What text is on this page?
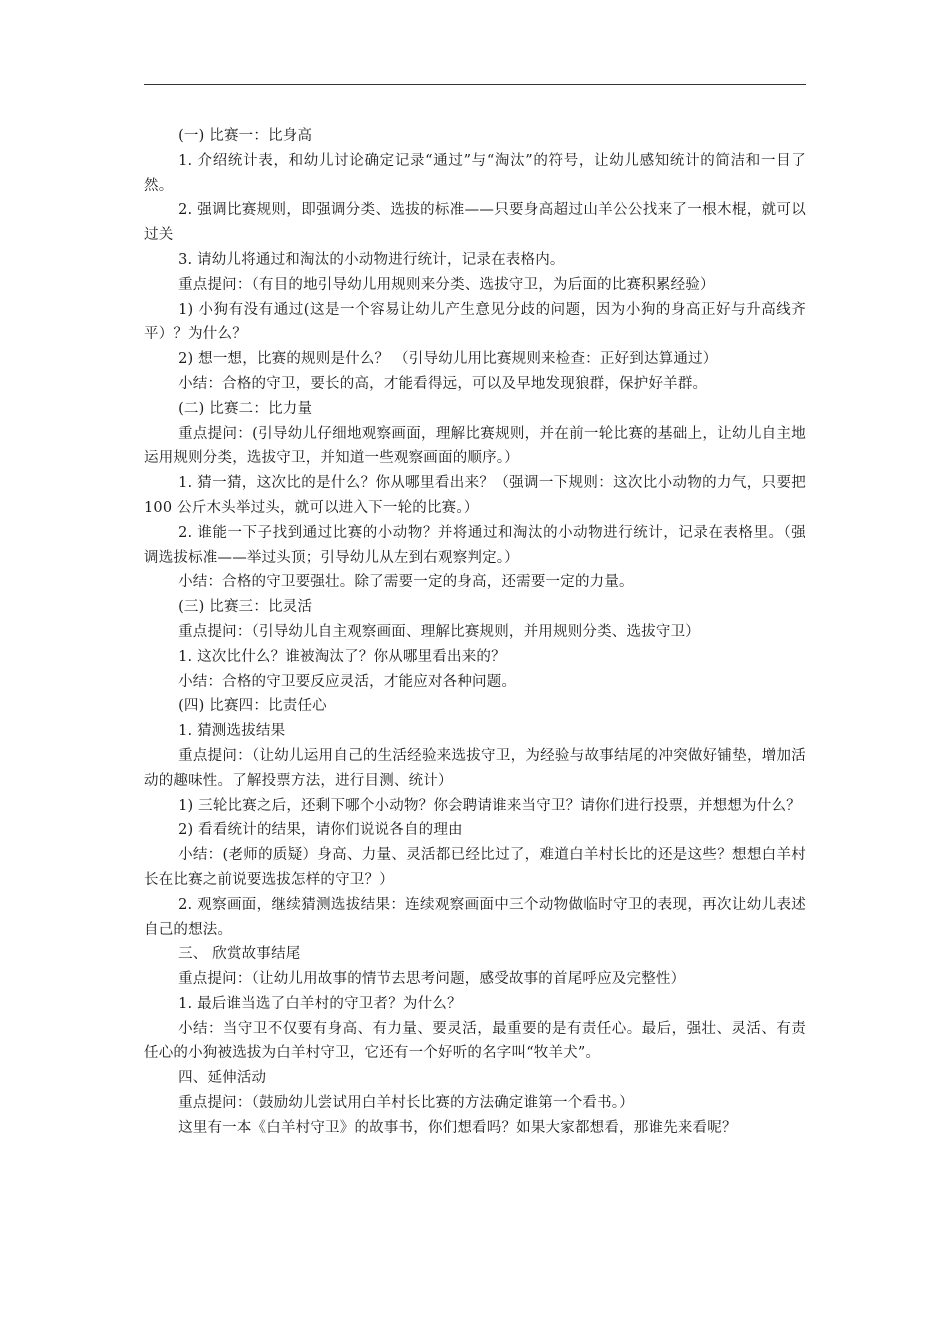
(一) 比赛一：比身高

1. 介绍统计表，和幼儿讨论确定记录“通过”与“淘汰”的符号，让幼儿感知统计的简洁和一目了然。

2. 强调比赛规则，即强调分类、选拔的标准——只要身高超过山羊公公找来了一根木棍，就可以过关

3. 请幼儿将通过和淘汰的小动物进行统计，记录在表格内。

重点提问：（有目的地引导幼儿用规则来分类、选拔守卫，为后面的比赛积累经验）

1) 小狗有没有通过(这是一个容易让幼儿产生意见分歧的问题，因为小狗的身高正好与升高线齐平）？为什么？

2) 想一想，比赛的规则是什么？ （引导幼儿用比赛规则来检查：正好到达算通过）

小结：合格的守卫，要长的高，才能看得远，可以及早地发现狼群，保护好羊群。

(二) 比赛二：比力量

重点提问：(引导幼儿仔细地观察画面，理解比赛规则，并在前一轮比赛的基础上，让幼儿自主地运用规则分类，选拔守卫，并知道一些观察画面的顺序。）

1. 猜一猜，这次比的是什么？你从哪里看出来？（强调一下规则：这次比小动物的力气，只要把 100 公斤木头举过头，就可以进入下一轮的比赛。）

2. 谁能一下子找到通过比赛的小动物？并将通过和淘汰的小动物进行统计，记录在表格里。（强调选拔标准——举过头顶；引导幼儿从左到右观察判定。）

小结：合格的守卫要强壮。除了需要一定的身高，还需要一定的力量。

(三) 比赛三：比灵活

重点提问：（引导幼儿自主观察画面、理解比赛规则，并用规则分类、选拔守卫）

1. 这次比什么？谁被淘汰了？你从哪里看出来的？

小结：合格的守卫要反应灵活，才能应对各种问题。

(四) 比赛四：比责任心

1. 猜测选拔结果

重点提问：（让幼儿运用自己的生活经验来选拔守卫，为经验与故事结尾的冲突做好铺垫，增加活动的趣味性。了解投票方法，进行目测、统计）

1) 三轮比赛之后，还剩下哪个小动物？你会聘请谁来当守卫？请你们进行投票，并想想为什么？

2) 看看统计的结果，请你们说说各自的理由

小结：(老师的质疑）身高、力量、灵活都已经比过了，难道白羊村长比的还是这些？想想白羊村长在比赛之前说要选拔怎样的守卫？）

2. 观察画面，继续猜测选拔结果：连续观察画面中三个动物做临时守卫的表现，再次让幼儿表述自己的想法。

三、 欣赏故事结尾

重点提问：（让幼儿用故事的情节去思考问题，感受故事的首尾呼应及完整性）

1. 最后谁当选了白羊村的守卫者？为什么？

小结：当守卫不仅要有身高、有力量、要灵活，最重要的是有责任心。最后，强壮、灵活、有责任心的小狗被选拔为白羊村守卫，它还有一个好听的名字叫“牧羊犬”。

四、延伸活动

重点提问：（鼓励幼儿尝试用白羊村长比赛的方法确定谁第一个看书。）

这里有一本《白羊村守卫》的故事书，你们想看吗？如果大家都想看，那谁先来看呢？
